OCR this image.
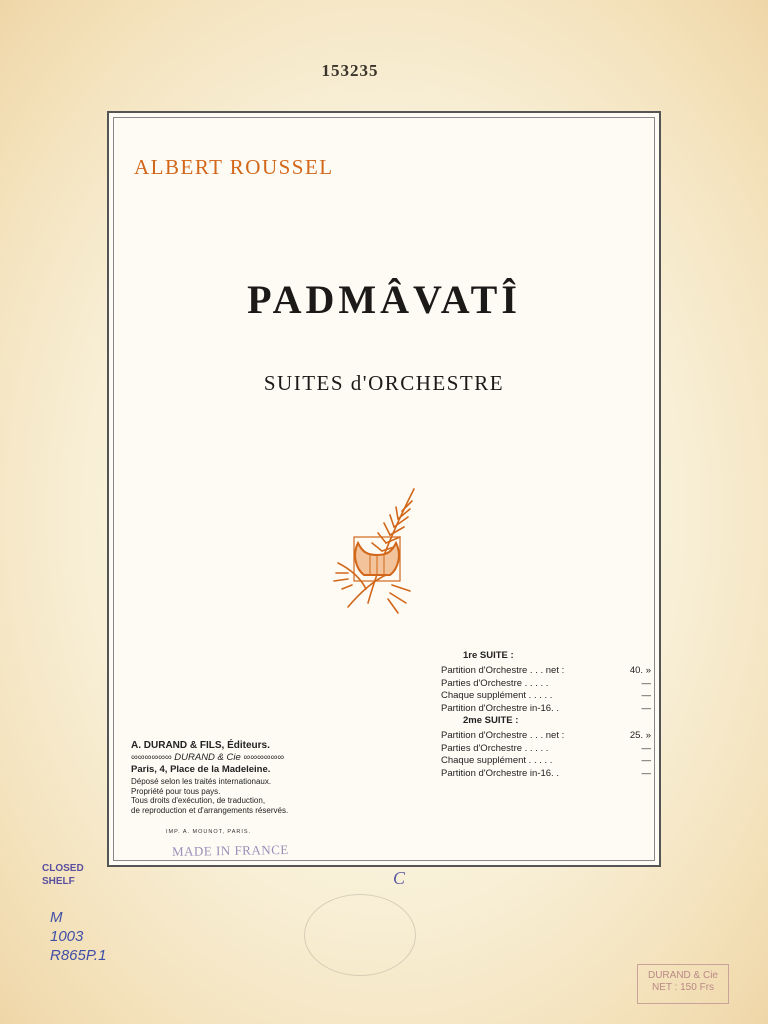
153235
ALBERT ROUSSEL
PADMÂVATÎ
SUITES d'ORCHESTRE
1re SUITE :
Partition d'Orchestre . . . net :	40. »
Parties d'Orchestre . . . . .	—
Chaque supplément . . . . .	—
Partition d'Orchestre in-16. .	—
2me SUITE :
Partition d'Orchestre . . . net :	25. »
Parties d'Orchestre . . . . .	—
Chaque supplément . . . . .	—
Partition d'Orchestre in-16. .	—
A. DURAND & FILS, Éditeurs.
∞∞∞∞∞∞ DURAND & Cie ∞∞∞∞∞∞
Paris, 4, Place de la Madeleine.
Déposé selon les traités internationaux.
Propriété pour tous pays.
Tous droits d'exécution, de traduction,
de reproduction et d'arrangements réservés.
IMP. A. MOUNOT, PARIS.
MADE IN FRANCE
CLOSED
SHELF
M
1003
R865P.1
C
DURAND & Cie
NET : 150 Frs
